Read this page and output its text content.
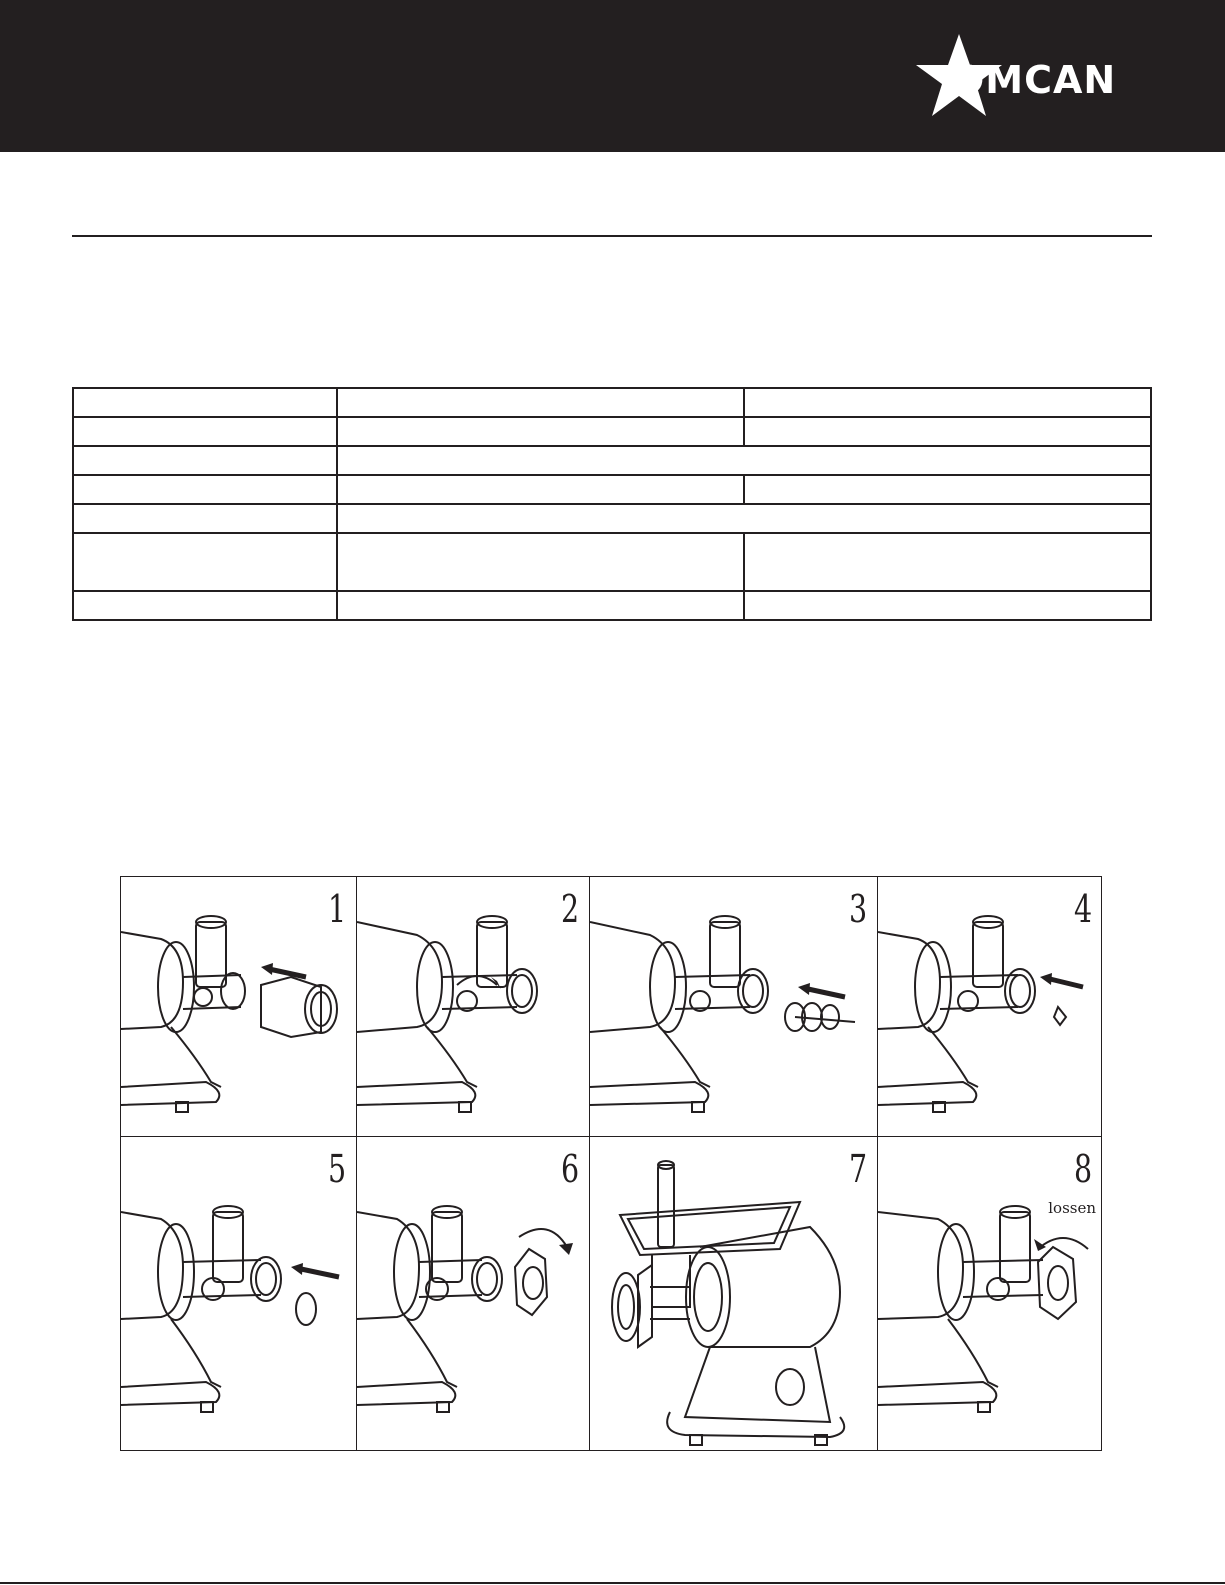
OMCAN

1	2	3	4
5	6	7	8
lossen
